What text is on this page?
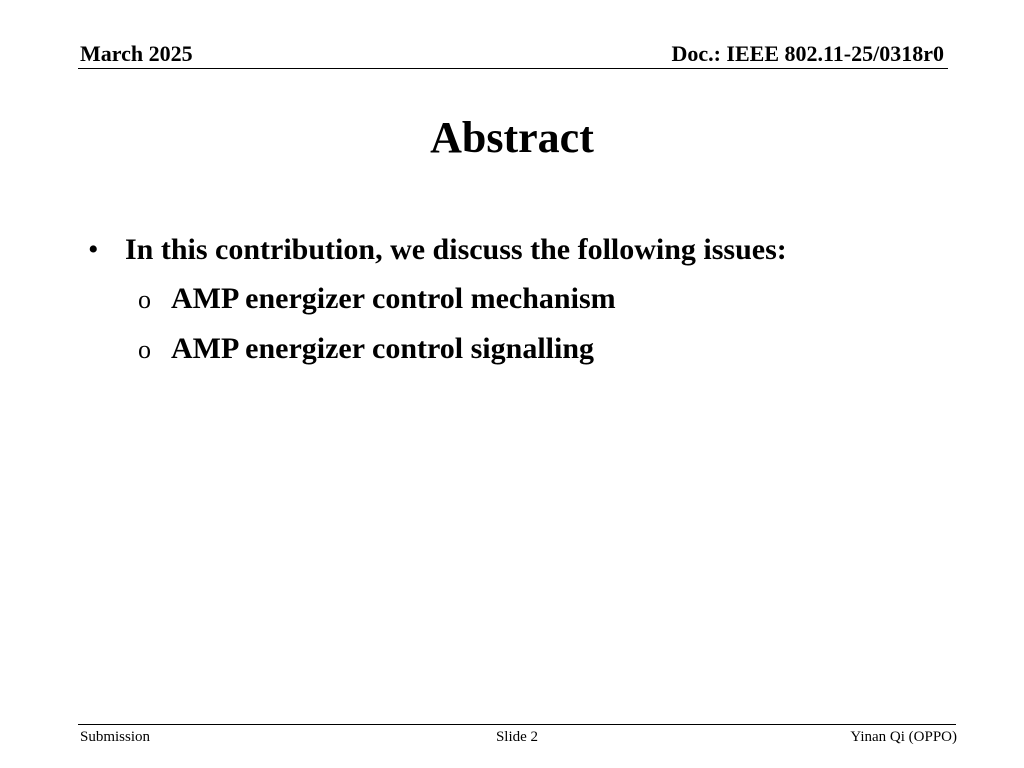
March 2025	Doc.: IEEE 802.11-25/0318r0
Abstract
• In this contribution, we discuss the following issues:
o AMP energizer control mechanism
o AMP energizer control signalling
Submission	Slide 2	Yinan Qi (OPPO)
